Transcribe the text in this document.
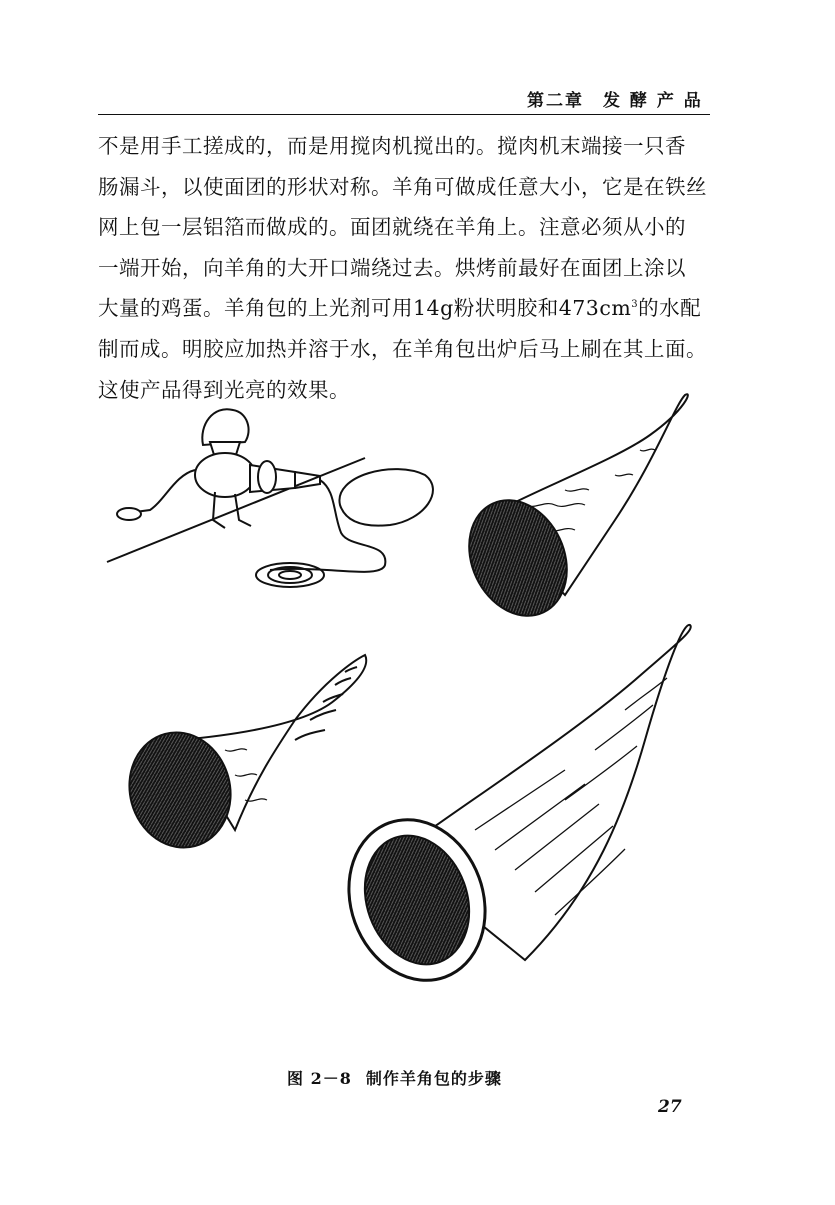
第二章　发 酵 产 品
不是用手工搓成的，而是用搅肉机搅出的。搅肉机末端接一只香
肠漏斗，以使面团的形状对称。羊角可做成任意大小，它是在铁丝
网上包一层铝箔而做成的。面团就绕在羊角上。注意必须从小的
一端开始，向羊角的大开口端绕过去。烘烤前最好在面团上涂以
大量的鸡蛋。羊角包的上光剂可用14g粉状明胶和$473cm^3$的水配
制而成。明胶应加热并溶于水，在羊角包出炉后马上刷在其上面。
这使产品得到光亮的效果。
图 2－8 制作羊角包的步骤
27
